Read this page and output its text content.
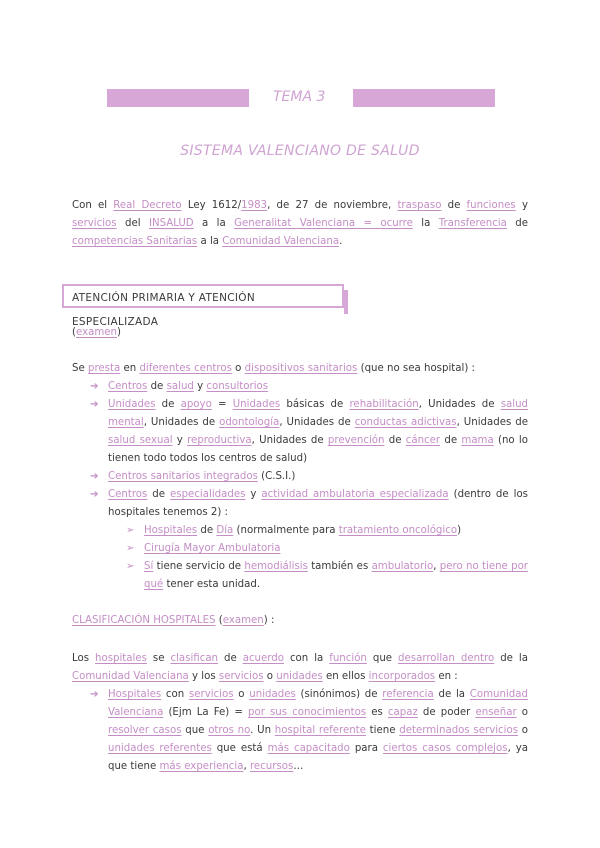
TEMA 3
SISTEMA VALENCIANO DE SALUD
Con el Real Decreto Ley 1612/1983, de 27 de noviembre, traspaso de funciones y servicios del INSALUD a la Generalitat Valenciana = ocurre la Transferencia de competencias Sanitarias a la Comunidad Valenciana.
ATENCIÓN PRIMARIA Y ATENCIÓN ESPECIALIZADA
(examen)
Se presta en diferentes centros o dispositivos sanitarios (que no sea hospital) :
➔ Centros de salud y consultorios
➔ Unidades de apoyo = Unidades básicas de rehabilitación, Unidades de salud mental, Unidades de odontología, Unidades de conductas adictivas, Unidades de salud sexual y reproductiva, Unidades de prevención de cáncer de mama (no lo tienen todo todos los centros de salud)
➔ Centros sanitarios integrados (C.S.I.)
➔ Centros de especialidades y actividad ambulatoria especializada (dentro de los hospitales tenemos 2) :
➢ Hospitales de Día (normalmente para tratamiento oncológico)
➢ Cirugía Mayor Ambulatoria
➢ Sí tiene servicio de hemodiálisis también es ambulatorio, pero no tiene por qué tener esta unidad.
CLASIFICACIÓN HOSPITALES (examen) :
Los hospitales se clasifican de acuerdo con la función que desarrollan dentro de la Comunidad Valenciana y los servicios o unidades en ellos incorporados en :
➔ Hospitales con servicios o unidades (sinónimos) de referencia de la Comunidad Valenciana (Ejm La Fe) = por sus conocimientos es capaz de poder enseñar o resolver casos que otros no. Un hospital referente tiene determinados servicios o unidades referentes que está más capacitado para ciertos casos complejos, ya que tiene más experiencia, recursos…
